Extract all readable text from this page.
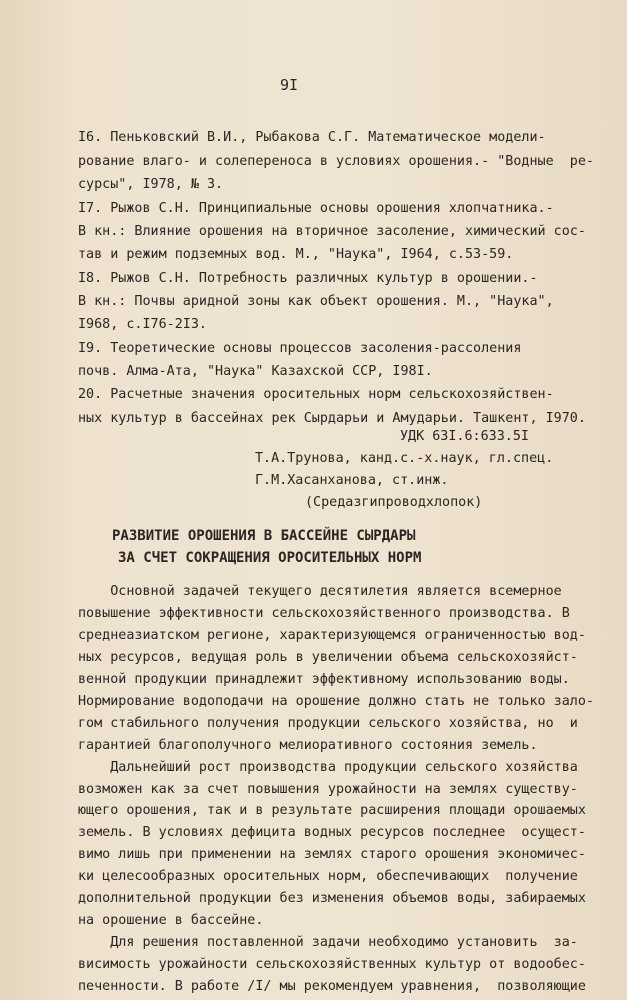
9I
I6. Пеньковский В.И., Рыбакова С.Г. Математическое модели-
рование влаго- и солепереноса в условиях орошения.- "Водные  ре-
сурсы", I978, № 3.
I7. Рыжов С.Н. Принципиальные основы орошения хлопчатника.-
В кн.: Влияние орошения на вторичное засоление, химический сос-
тав и режим подземных вод. М., "Наука", I964, с.53-59.
I8. Рыжов С.Н. Потребность различных культур в орошении.-
В кн.: Почвы аридной зоны как объект орошения. М., "Наука",
I968, с.I76-2I3.
I9. Теоретические основы процессов засоления-рассоления
почв. Алма-Ата, "Наука" Казахской ССР, I98I.
20. Расчетные значения оросительных норм сельскохозяйствен-
ных культур в бассейнах рек Сырдарьи и Амударьи. Ташкент, I970.
УДК 63I.6:633.5I
Т.А.Трунова, канд.с.-х.наук, гл.спец.
Г.М.Хасанханова, ст.инж.
(Средазгипроводхлопок)
РАЗВИТИЕ ОРОШЕНИЯ В БАССЕЙНЕ СЫРДАРЫ
ЗА СЧЕТ СОКРАЩЕНИЯ ОРОСИТЕЛЬНЫХ НОРМ
Основной задачей текущего десятилетия является всемерное
повышение эффективности сельскохозяйственного производства. В
среднеазиатском регионе, характеризующемся ограниченностью вод-
ных ресурсов, ведущая роль в увеличении объема сельскохозяйст-
венной продукции принадлежит эффективному использованию воды.
Нормирование водоподачи на орошение должно стать не только зало-
гом стабильного получения продукции сельского хозяйства, но  и
гарантией благополучного мелиоративного состояния земель.
Дальнейший рост производства продукции сельского хозяйства
возможен как за счет повышения урожайности на землях существу-
ющего орошения, так и в результате расширения площади орошаемых
земель. В условиях дефицита водных ресурсов последнее  осущест-
вимо лишь при применении на землях старого орошения экономичес-
ки целесообразных оросительных норм, обеспечивающих  получение
дополнительной продукции без изменения объемов воды, забираемых
на орошение в бассейне.
Для решения поставленной задачи необходимо установить  за-
висимость урожайности сельскохозяйственных культур от водообес-
печенности. В работе /I/ мы рекомендуем уравнения,  позволяющие
